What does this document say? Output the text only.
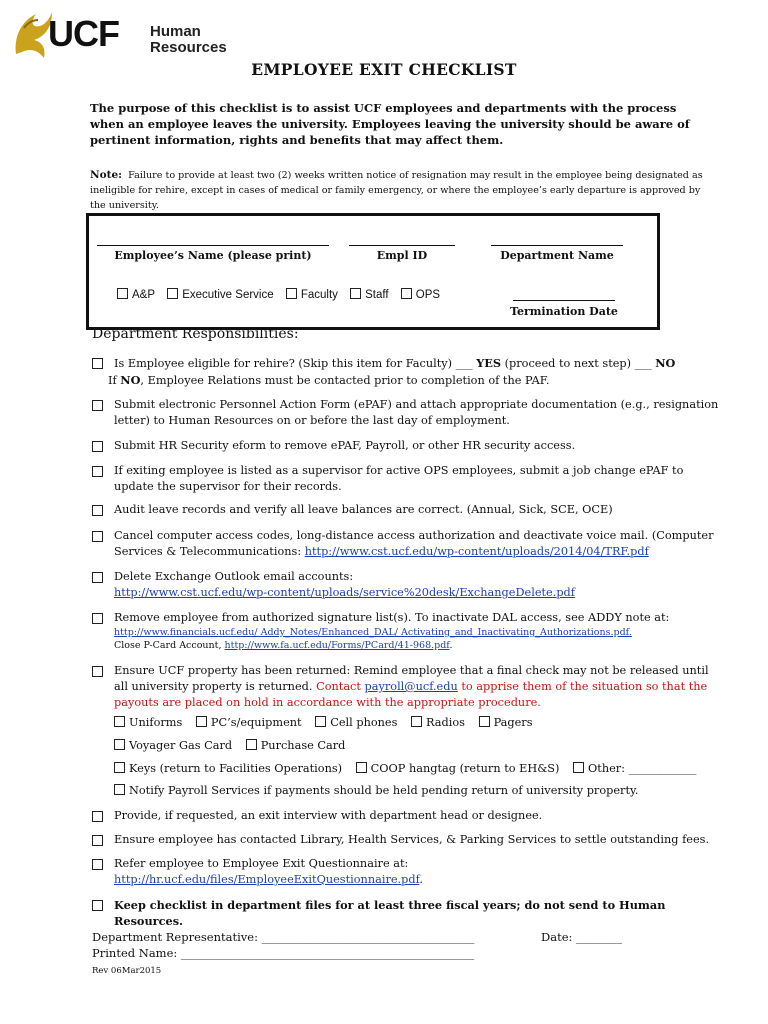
UCF Human
Resources
EMPLOYEE EXIT CHECKLIST
The purpose of this checklist is to assist UCF employees and departments with the process when an employee leaves the university. Employees leaving the university should be aware of pertinent information, rights and benefits that may affect them.
Note: Failure to provide at least two (2) weeks written notice of resignation may result in the employee being designated as ineligible for rehire, except in cases of medical or family emergency, or where the employee’s early departure is approved by the university.
Employee’s Name (please print)	Empl ID	Department Name
A&P Executive Service Faculty Staff OPS
Termination Date
Department Responsibilities:
Is Employee eligible for rehire? (Skip this item for Faculty) ___ YES (proceed to next step) ___ NO
If NO, Employee Relations must be contacted prior to completion of the PAF.
Submit electronic Personnel Action Form (ePAF) and attach appropriate documentation (e.g., resignation letter) to Human Resources on or before the last day of employment.
Submit HR Security eform to remove ePAF, Payroll, or other HR security access.
If exiting employee is listed as a supervisor for active OPS employees, submit a job change ePAF to update the supervisor for their records.
Audit leave records and verify all leave balances are correct. (Annual, Sick, SCE, OCE)
Cancel computer access codes, long-distance access authorization and deactivate voice mail. (Computer Services & Telecommunications: http://www.cst.ucf.edu/wp-content/uploads/2014/04/TRF.pdf
Delete Exchange Outlook email accounts:
http://www.cst.ucf.edu/wp-content/uploads/service%20desk/ExchangeDelete.pdf
Remove employee from authorized signature list(s). To inactivate DAL access, see ADDY note at:
http://www.financials.ucf.edu/ Addy_Notes/Enhanced_DAL/ Activating_and_Inactivating_Authorizations.pdf.
Close P-Card Account, http://www.fa.ucf.edu/Forms/PCard/41-968.pdf.
Ensure UCF property has been returned: Remind employee that a final check may not be released until all university property is returned. Contact payroll@ucf.edu to apprise them of the situation so that the payouts are placed on hold in accordance with the appropriate procedure.
Uniforms	PC’s/equipment	Cell phones	Radios	Pagers
Voyager Gas Card	Purchase Card
Keys (return to Facilities Operations)	COOP hangtag (return to EH&S)	Other: ____________
Notify Payroll Services if payments should be held pending return of university property.
Provide, if requested, an exit interview with department head or designee.
Ensure employee has contacted Library, Health Services, & Parking Services to settle outstanding fees.
Refer employee to Employee Exit Questionnaire at:
http://hr.ucf.edu/files/EmployeeExitQuestionnaire.pdf.
Keep checklist in department files for at least three fiscal years; do not send to Human Resources.
Department Representative: _____________________________________	Date: ________
Printed Name: ___________________________________________________
Rev 06Mar2015
